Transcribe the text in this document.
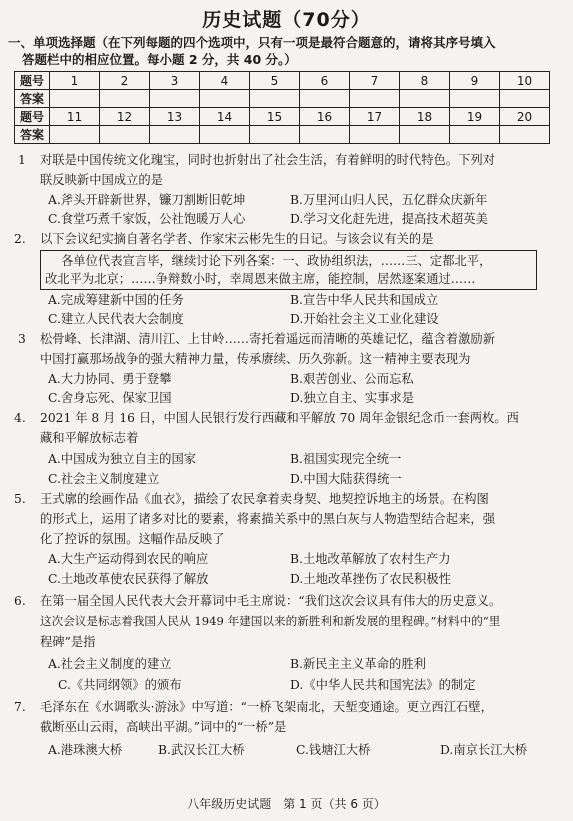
历史试题（70分）
一、单项选择题（在下列每题的四个选项中，只有一项是最符合题意的，请将其序号填入
答题栏中的相应位置。每小题 2 分，共 40 分。）
题号	1	2	3	4	5	6	7	8	9	10
答案										
题号	11	12	13	14	15	16	17	18	19	20
答案										
1 对联是中国传统文化瑰宝，同时也折射出了社会生活，有着鲜明的时代特色。下列对
联反映新中国成立的是
A.斧头开辟新世界，镰刀割断旧乾坤	B.万里河山归人民，五亿群众庆新年
C.食堂巧煮千家饭，公社饱暖万人心	D.学习文化赶先进，提高技术超英美
2. 以下会议纪实摘自著名学者、作家宋云彬先生的日记。与该会议有关的是
各单位代表宣言毕，继续讨论下列各案：一、政协组织法，……三、定都北平，
改北平为北京；……争辩数小时，幸周恩来做主席，能控制，居然逐案通过……
A.完成筹建新中国的任务	B.宣告中华人民共和国成立
C.建立人民代表大会制度	D.开始社会主义工业化建设
3 松骨峰、长津湖、清川江、上甘岭……寄托着遥远而清晰的英雄记忆，蕴含着激励新
中国打赢那场战争的强大精神力量，传承赓续、历久弥新。这一精神主要表现为
A.大力协同、勇于登攀	B.艰苦创业、公而忘私
C.舍身忘死、保家卫国	D.独立自主、实事求是
4. 2021 年 8 月 16 日，中国人民银行发行西藏和平解放 70 周年金银纪念币一套两枚。西
藏和平解放标志着
A.中国成为独立自主的国家	B.祖国实现完全统一
C.社会主义制度建立	D.中国大陆获得统一
5. 王式廓的绘画作品《血衣》，描绘了农民拿着卖身契、地契控诉地主的场景。在构图
的形式上，运用了诸多对比的要素，将素描关系中的黑白灰与人物造型结合起来，强
化了控诉的氛围。这幅作品反映了
A.大生产运动得到农民的响应	B.土地改革解放了农村生产力
C.土地改革使农民获得了解放	D.土地改革挫伤了农民积极性
6. 在第一届全国人民代表大会开幕词中毛主席说：“我们这次会议具有伟大的历史意义。
这次会议是标志着我国人民从 1949 年建国以来的新胜利和新发展的里程碑。”材料中的“里
程碑”是指
A.社会主义制度的建立	B.新民主主义革命的胜利
C.《共同纲领》的颁布	D.《中华人民共和国宪法》的制定
7. 毛泽东在《水调歌头·游泳》中写道：“一桥飞架南北，天堑变通途。更立西江石壁，
截断巫山云雨，高峡出平湖。”词中的“一桥”是
A.港珠澳大桥	B.武汉长江大桥	C.钱塘江大桥	D.南京长江大桥
八年级历史试题　第 1 页（共 6 页）
